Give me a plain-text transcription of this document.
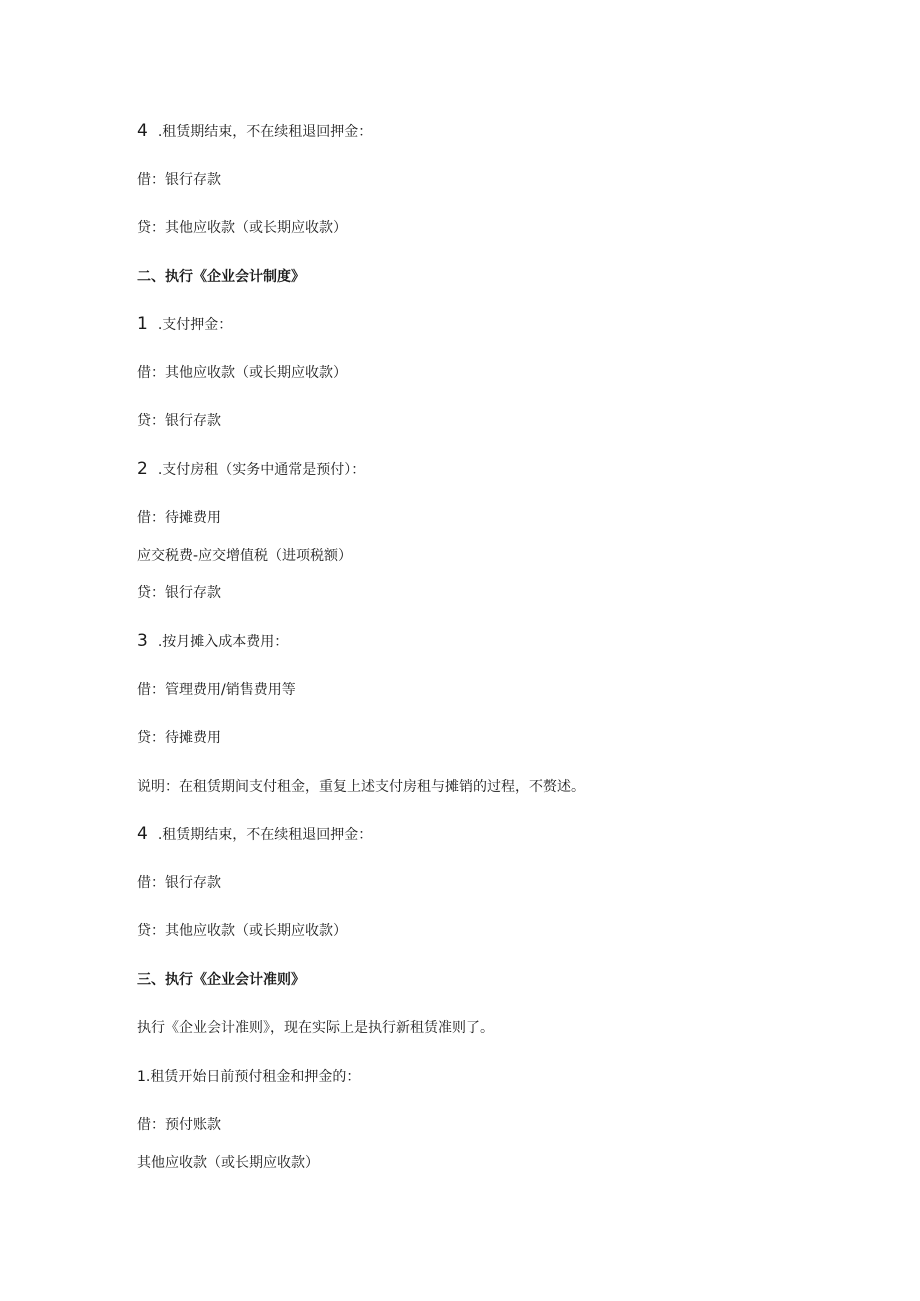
4 .租赁期结束，不在续租退回押金：
借：银行存款
贷：其他应收款（或长期应收款）
二、执行《企业会计制度》
1 .支付押金：
借：其他应收款（或长期应收款）
贷：银行存款
2 .支付房租（实务中通常是预付）：
借：待摊费用
应交税费-应交增值税（进项税额）
贷：银行存款
3 .按月摊入成本费用：
借：管理费用/销售费用等
贷：待摊费用
说明：在租赁期间支付租金，重复上述支付房租与摊销的过程，不赘述。
4 .租赁期结束，不在续租退回押金：
借：银行存款
贷：其他应收款（或长期应收款）
三、执行《企业会计准则》
执行《企业会计准则》，现在实际上是执行新租赁准则了。
1.租赁开始日前预付租金和押金的：
借：预付账款
其他应收款（或长期应收款）
